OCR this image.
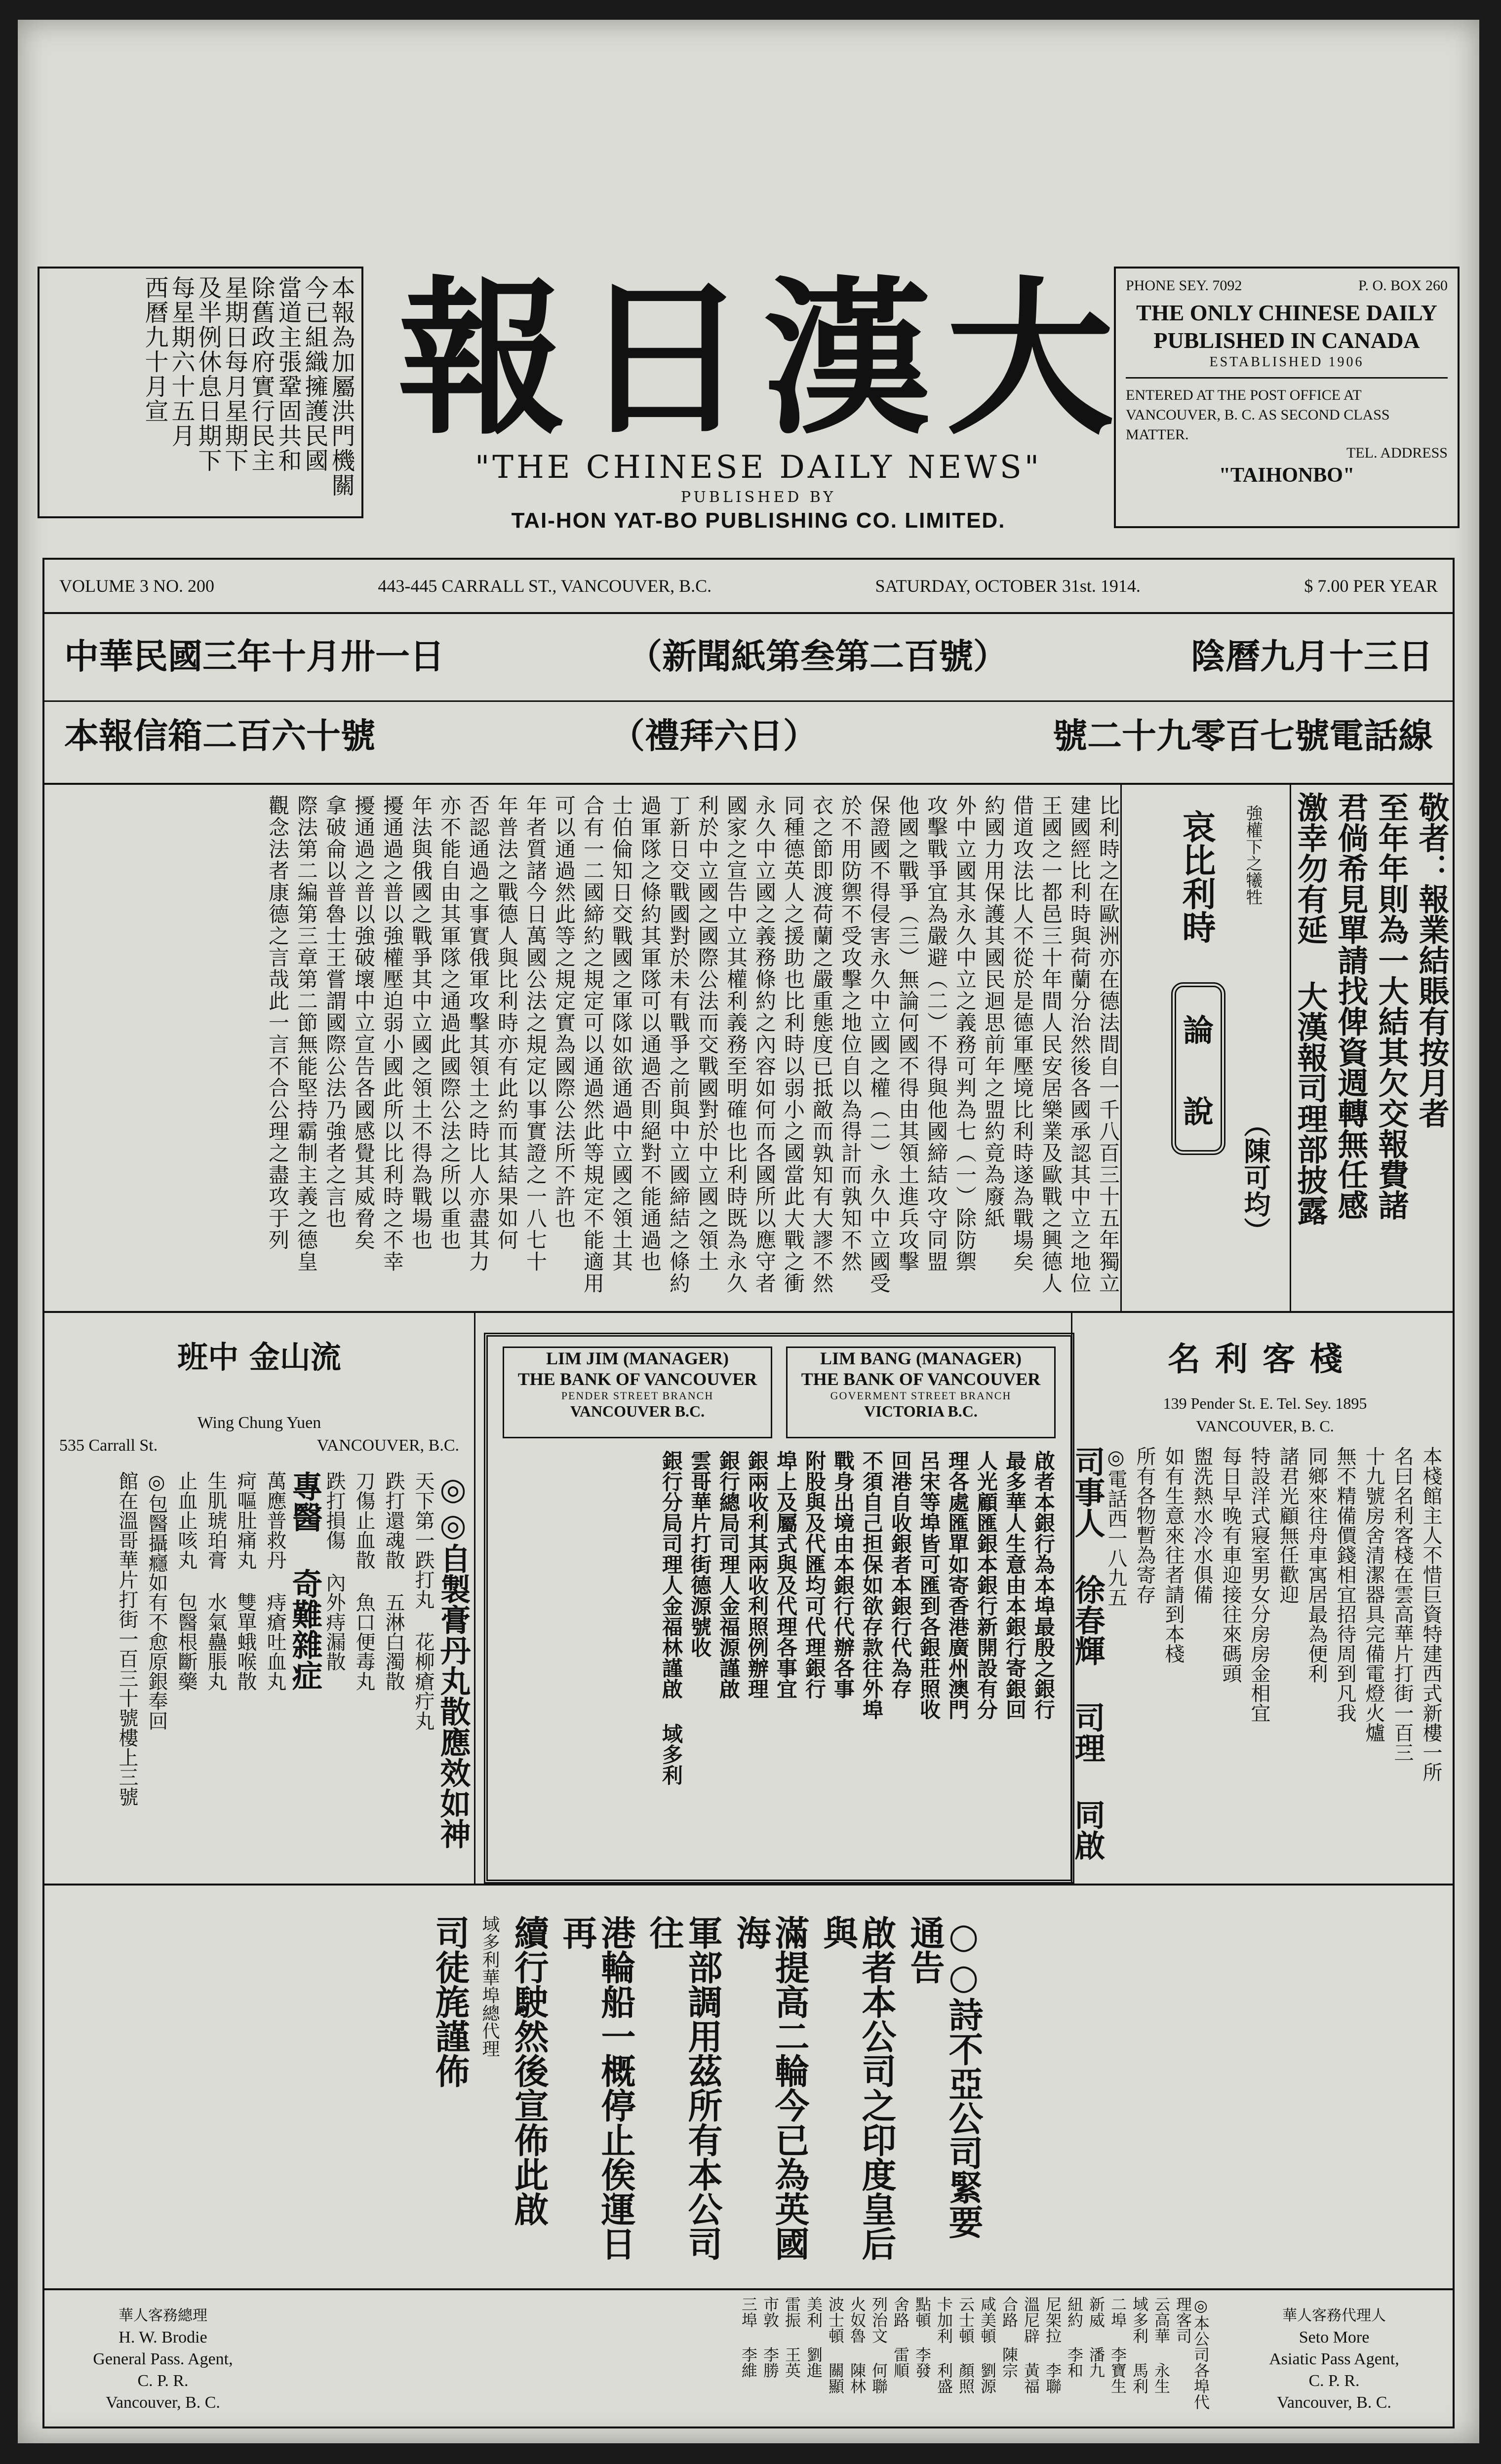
本報為加屬洪門機關
今已組織擁護民國
當道主張鞏固共和
除舊政府實行民主
星期日每月星期下
及半例休息日期下
每星期六十五月
西曆九十月宣	報 日 漢 大
"THE CHINESE DAILY NEWS"
PUBLISHED BY
TAI-HON YAT-BO PUBLISHING CO. LIMITED.
PHONE SEY. 7092	P. O. BOX 260
THE ONLY CHINESE DAILY PUBLISHED IN CANADA
ESTABLISHED 1906
ENTERED AT THE POST OFFICE AT VANCOUVER, B. C. AS SECOND CLASS MATTER.
TEL. ADDRESS
"TAIHONBO"
VOLUME 3 NO. 200	443-445 CARRALL ST., VANCOUVER, B.C.	SATURDAY, OCTOBER 31st. 1914.	$ 7.00 PER YEAR
中華民國三年十月卅一日	（新聞紙第叁第二百號）	陰曆九月十三日
本報信箱二百六十號	（禮拜六日）	號二十九零百七號電話線
敬者：報業結賬有按月者
至年年則為一大結其欠交報費諸
君倘希見單請找俾資週轉無任感
激幸勿有延 大漢報司理部披露
哀比利時 強權下之犧牲
論
說 （陳可均）
比利時之在歐洲亦在德法間自一千八百三十五年獨立
建國經比利時與荷蘭分治然後各國承認其中立之地位
王國之一都邑三十年間人民安居樂業及歐戰之興德人
借道攻法比人不從於是德軍壓境比利時遂為戰場矣
約國力用保護其國民迴思前年之盟約竟為廢紙
外中立國其永久中立之義務可判為七（一）除防禦
攻擊戰爭宜為嚴避（二）不得與他國締結攻守同盟
他國之戰爭（三）無論何國不得由其領土進兵攻擊
保證國不得侵害永久中立國之權（二）永久中立國受
於不用防禦不受攻擊之地位自以為得計而孰知不然
衣之節即渡荷蘭之嚴重態度已抵敵而孰知有大謬不然
同種德英人之援助也比利時以弱小之國當此大戰之衝
永久中立國之義務條約之內容如何而各國所以應守者
國家之宣告中立其權利義務至明確也比利時既為永久
利於中立國之國際公法而交戰國對於中立國之領土
丁新日交戰國對於未有戰爭之前與中立國締結之條約
過軍隊之條約其軍隊可以通過否則絕對不能通過也
士伯倫知日交戰國之軍隊如欲通過中立國之領土其
合有一二國締約之規定可以通過然此等規定不能適用
可以通過然此等之規定實為國際公法所不許也
年者質諸今日萬國公法之規定以事實證之一八七十
年普法之戰德人與比利時亦有此約而其結果如何
否認通過之事實俄軍攻擊其領土之時比人亦盡其力
亦不能自由其軍隊之通過此國際公法之所以重也
年法與俄國之戰爭其中立國之領土不得為戰場也
擾通過之普以強權壓迫弱小國此所以比利時之不幸
擾通過之普以強破壞中立宣告各國感覺其威脅矣
拿破侖以普魯士王嘗謂國際公法乃強者之言也
際法第二編第三章第二節無能堅持霸制主義之德皇
觀念法者康德之言哉此一言不合公理之盡攻于列
班中 金山流
Wing Chung Yuen
535 Carrall St.	VANCOUVER, B.C.
◎◎自製膏丹丸散應效如神
天下第一跌打丸 花柳瘡疔丸
跌打還魂散 五淋白濁散
刀傷止血散 魚口便毒丸
跌打損傷 內外痔漏散
專醫 奇難雜症
萬應普救丹 痔瘡吐血丸
疴嘔肚痛丸 雙單蛾喉散
生肌琥珀膏 水氣蠱脹丸
止血止咳丸 包醫根斷藥
◎包醫攝癮如有不愈原銀奉回
館在溫哥華片打街一百三十號樓上三號
LIM JIM (MANAGER)
THE BANK OF VANCOUVER
PENDER STREET BRANCH
VANCOUVER B.C.
LIM BANG (MANAGER)
THE BANK OF VANCOUVER
GOVERMENT STREET BRANCH
VICTORIA B.C.
啟者本銀行為本埠最殷之銀行
最多華人生意由本銀行寄銀回
人光顧匯銀本銀行新開設有分
理各處匯單如寄香港廣州澳門
呂宋等埠皆可匯到各銀莊照收
回港自收銀者本銀行代為存
不須自己担保如欲存款往外埠
戰身出境由本銀行代辦各事
附股與及代匯均可代理銀行
埠上及屬式與及代理各事宜
銀兩收利其兩收利照例辦理
銀行總局司理人金福源謹啟
雲哥華片打街德源號收
銀行分局司理人金福林謹啟 域多利
名利客棧
139 Pender St. E. Tel. Sey. 1895
VANCOUVER, B. C.
本棧館主人不惜巨資特建西式新樓一所
名曰名利客棧在雲高華片打街一百三
十九號房舍清潔器具完備電燈火爐
無不精備價錢相宜招待周到凡我
同鄉來往舟車寓居最為便利
諸君光顧無任歡迎
特設洋式寢室男女分房房金相宜
每日早晚有車迎接往來碼頭
盥洗熱水冷水俱備
如有生意來往者請到本棧
所有各物暫為寄存
◎電話西一八九五
司事人 徐春輝 司理 同啟
○○詩不亞公司緊要通告
啟者本公司之印度皇后與
滿提高二輪今已為英國海
軍部調用茲所有本公司往
港輪船一概停止俟運日再
續行駛然後宣佈此啟
域多利華埠總代理
司徒旄謹佈
華人客務總理
H. W. Brodie
General Pass. Agent,
C. P. R.
Vancouver, B. C.	◎本公司各埠代理客司
云高華 永生
域多利 馬利
二埠 李寶生
新威 潘九
紐約 李和
尼架拉 李聯
溫尼辟 黃福
合路 陳宗
咸美頓 劉源
云士頓 顏照
卡加利 利盛
點頓 李發
舍路 雷順
列治文 何聯
火奴魯 陳林
波士頓 關顯
美利 劉進
雷振 王英
市敦 李勝
三埠 李維	華人客務代理人
Seto More
Asiatic Pass Agent,
C. P. R.
Vancouver, B. C.
